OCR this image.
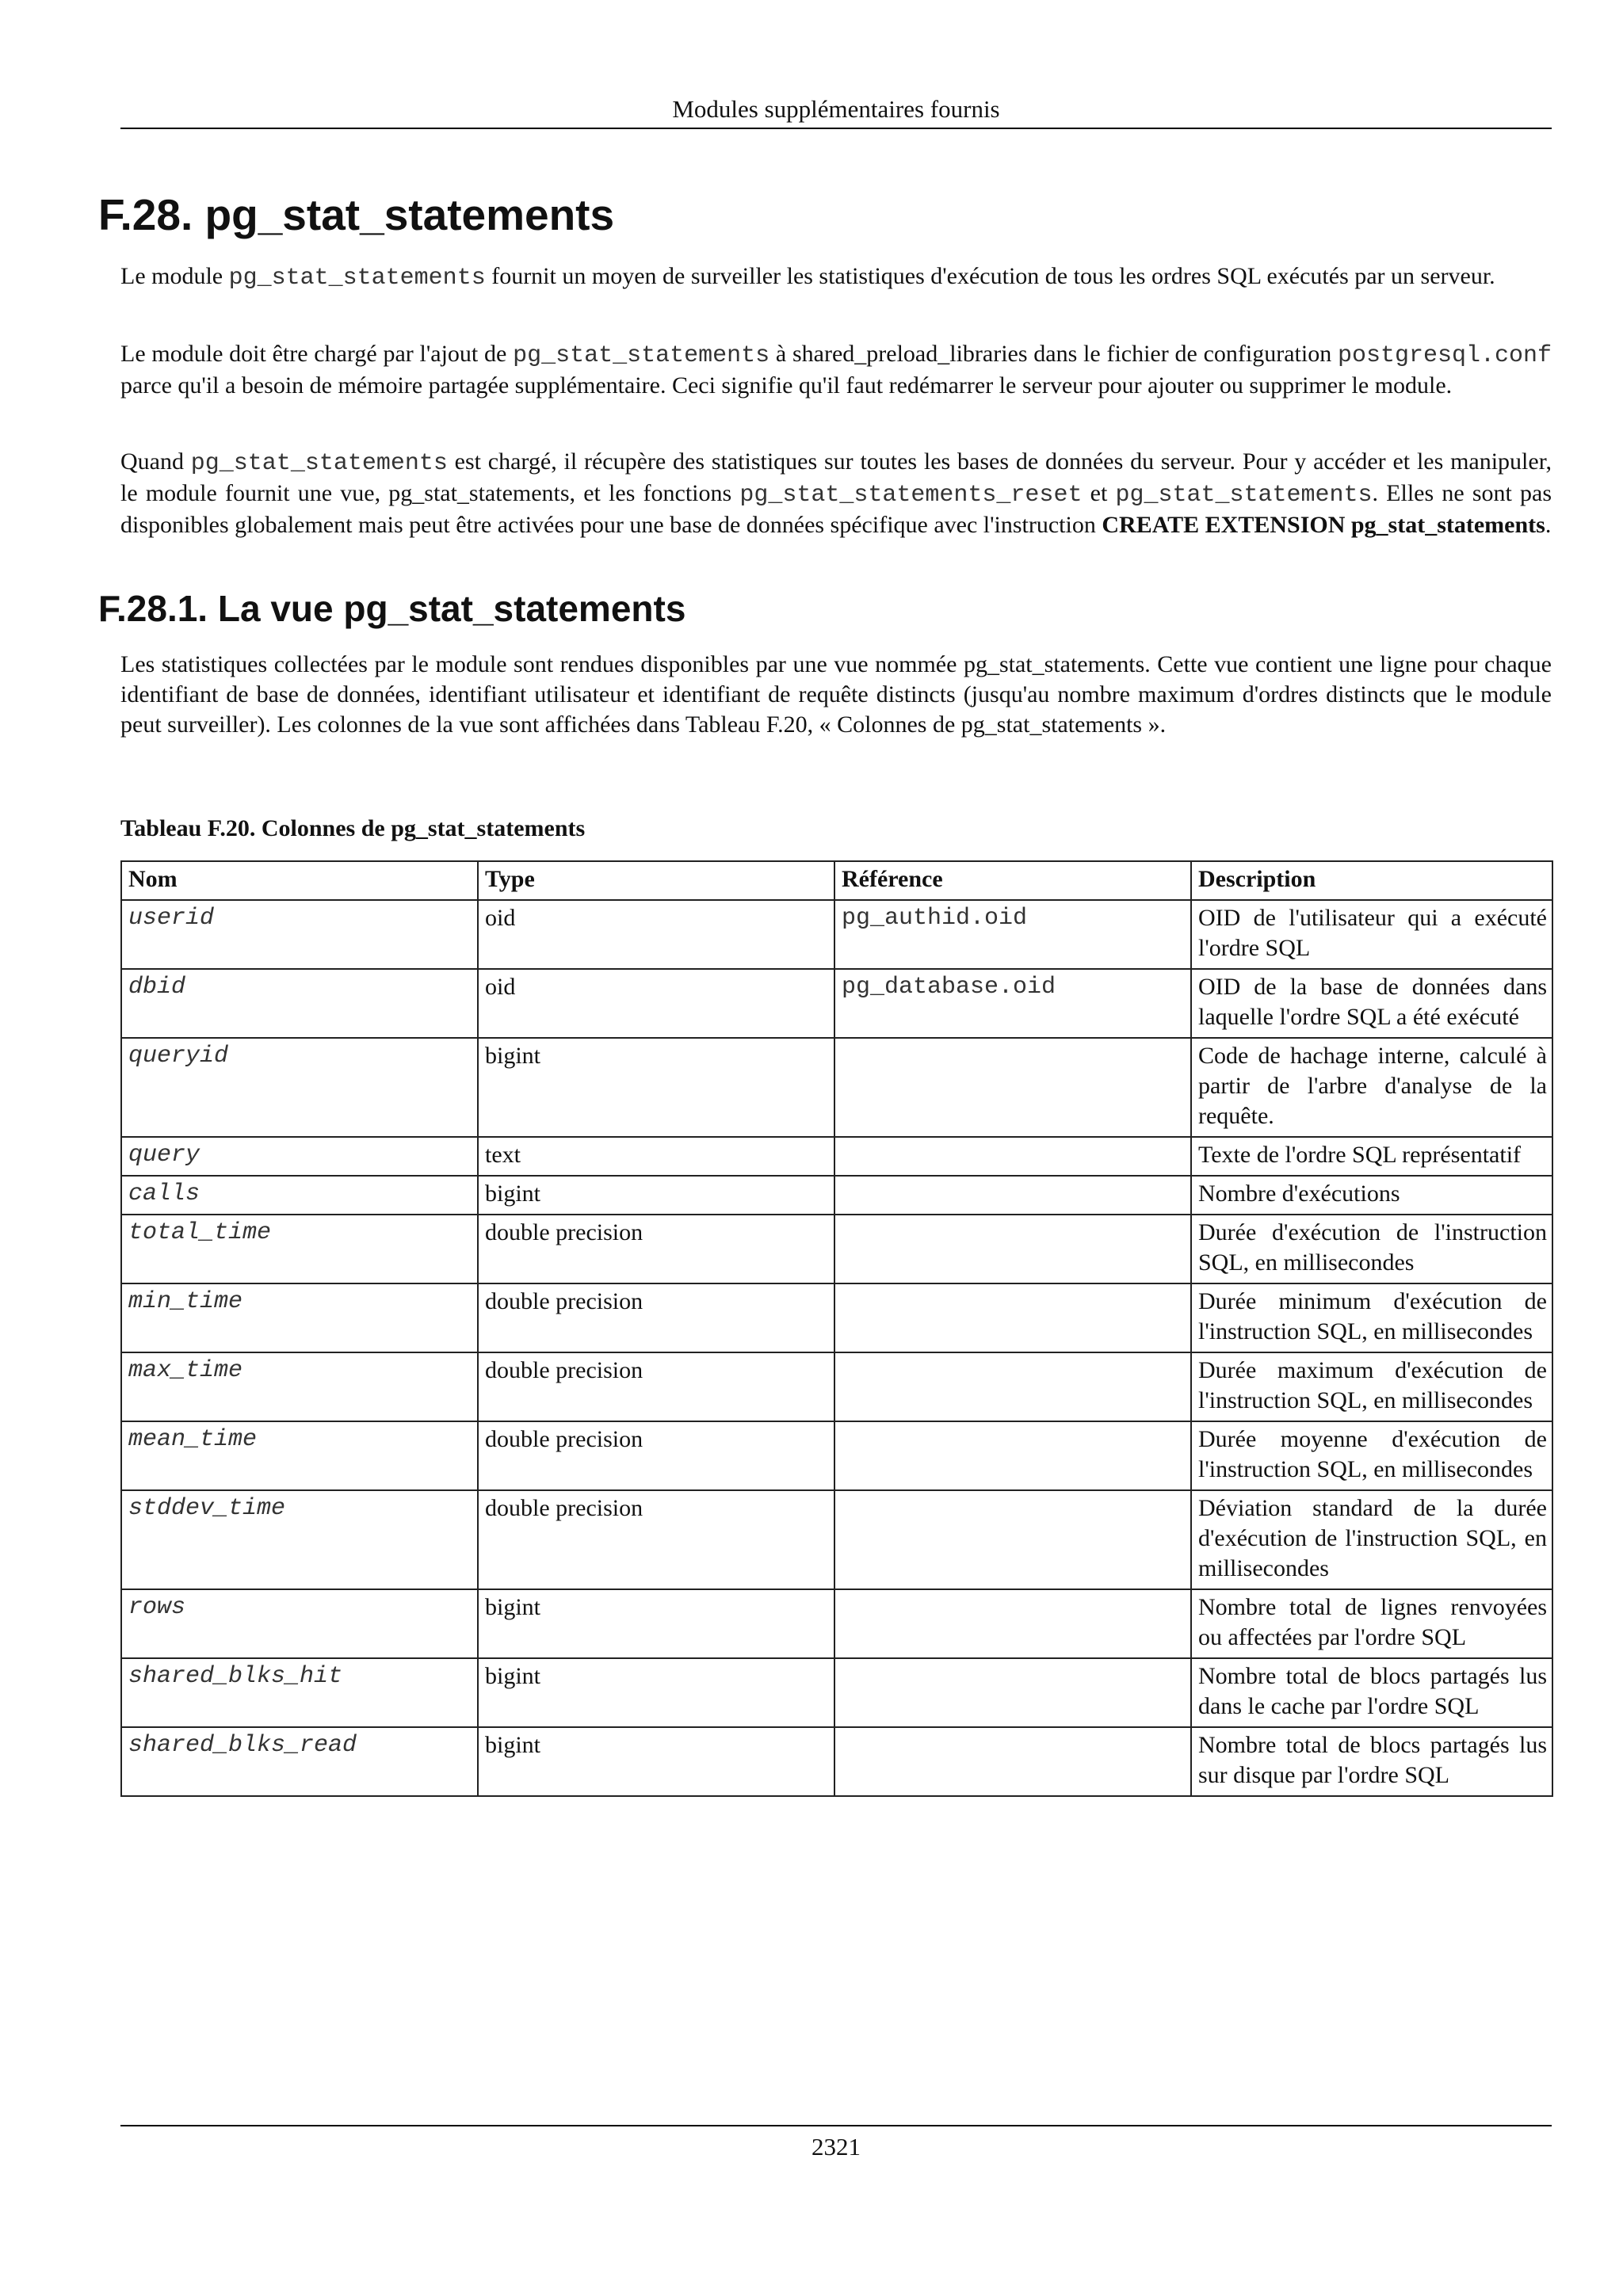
Modules supplémentaires fournis
F.28. pg_stat_statements

Le module pg_stat_statements fournit un moyen de surveiller les statistiques d'exécution de tous les ordres SQL exécutés par un serveur.

Le module doit être chargé par l'ajout de pg_stat_statements à shared_preload_libraries dans le fichier de configuration postgresql.conf parce qu'il a besoin de mémoire partagée supplémentaire. Ceci signifie qu'il faut redémarrer le serveur pour ajouter ou supprimer le module.

Quand pg_stat_statements est chargé, il récupère des statistiques sur toutes les bases de données du serveur. Pour y accéder et les manipuler, le module fournit une vue, pg_stat_statements, et les fonctions pg_stat_statements_reset et pg_stat_statements. Elles ne sont pas disponibles globalement mais peut être activées pour une base de données spécifique avec l'instruction CREATE EXTENSION pg_stat_statements.

F.28.1. La vue pg_stat_statements

Les statistiques collectées par le module sont rendues disponibles par une vue nommée pg_stat_statements. Cette vue contient une ligne pour chaque identifiant de base de données, identifiant utilisateur et identifiant de requête distincts (jusqu'au nombre maximum d'ordres distincts que le module peut surveiller). Les colonnes de la vue sont affichées dans Tableau F.20, « Colonnes de pg_stat_statements ».

Tableau F.20. Colonnes de pg_stat_statements
Nom	Type	Référence	Description
userid	oid	pg_authid.oid	OID de l'utilisateur qui a exécuté l'ordre SQL
dbid	oid	pg_database.oid	OID de la base de données dans laquelle l'ordre SQL a été exécuté
queryid	bigint		Code de hachage interne, calculé à partir de l'arbre d'analyse de la requête.
query	text		Texte de l'ordre SQL représentatif
calls	bigint		Nombre d'exécutions
total_time	double precision		Durée d'exécution de l'instruction SQL, en millisecondes
min_time	double precision		Durée minimum d'exécution de l'instruction SQL, en millisecondes
max_time	double precision		Durée maximum d'exécution de l'instruction SQL, en millisecondes
mean_time	double precision		Durée moyenne d'exécution de l'instruction SQL, en millisecondes
stddev_time	double precision		Déviation standard de la durée d'exécution de l'instruction SQL, en millisecondes
rows	bigint		Nombre total de lignes renvoyées ou affectées par l'ordre SQL
shared_blks_hit	bigint		Nombre total de blocs partagés lus dans le cache par l'ordre SQL
shared_blks_read	bigint		Nombre total de blocs partagés lus sur disque par l'ordre SQL
2321
